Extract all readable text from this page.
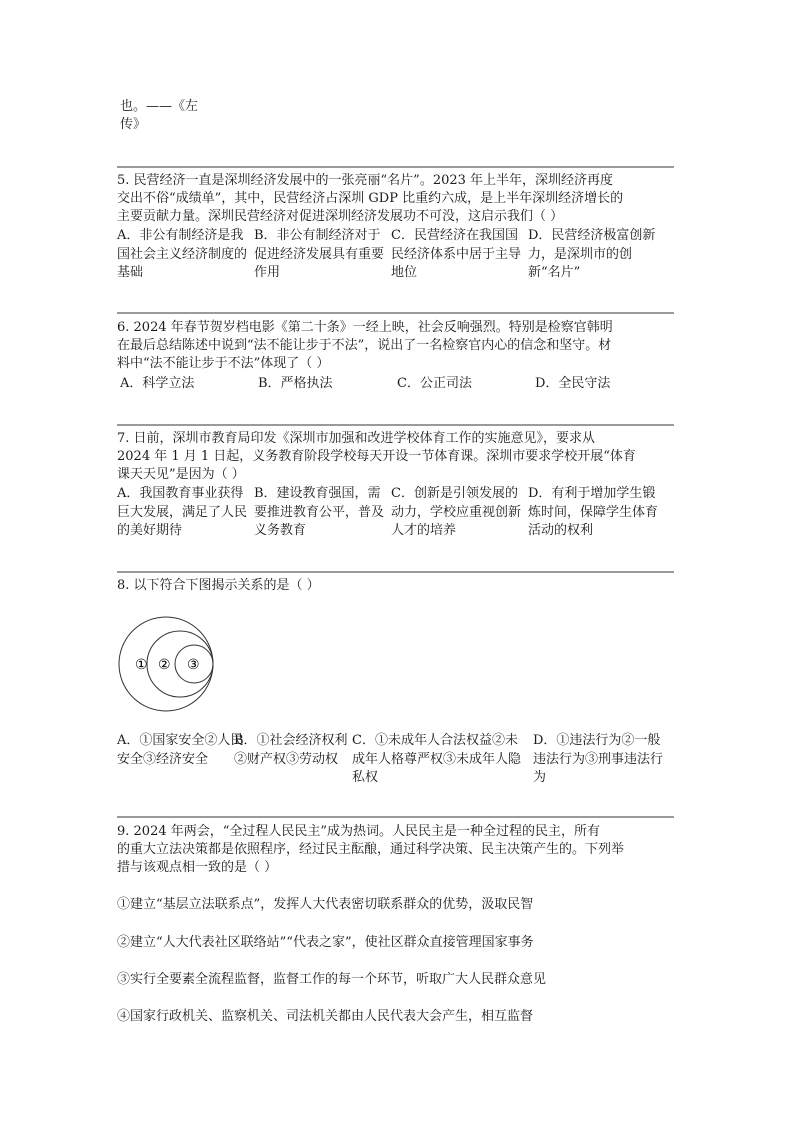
也。——《左
传》
5. 民营经济一直是深圳经济发展中的一张亮丽“名片”。2023 年上半年，深圳经济再度
交出不俗“成绩单”，其中，民营经济占深圳 GDP 比重约六成，是上半年深圳经济增长的
主要贡献力量。深圳民营经济对促进深圳经济发展功不可没，这启示我们（ ）
A．非公有制经济是我国社会主义经济制度的基础
B．非公有制经济对于促进经济发展具有重要作用
C．民营经济在我国国民经济体系中居于主导地位
D．民营经济极富创新力，是深圳市的创新“名片”
6. 2024 年春节贺岁档电影《第二十条》一经上映，社会反响强烈。特别是检察官韩明
在最后总结陈述中说到“法不能让步于不法”，说出了一名检察官内心的信念和坚守。材
料中“法不能让步于不法”体现了（ ）
A．科学立法	B．严格执法	C．公正司法	D．全民守法
7. 日前，深圳市教育局印发《深圳市加强和改进学校体育工作的实施意见》，要求从
2024 年 1 月 1 日起，义务教育阶段学校每天开设一节体育课。深圳市要求学校开展“体育
课天天见”是因为（ ）
A．我国教育事业获得巨大发展，满足了人民的美好期待
B．建设教育强国，需要推进教育公平，普及义务教育
C．创新是引领发展的动力，学校应重视创新人才的培养
D．有利于增加学生锻炼时间，保障学生体育活动的权利
8. 以下符合下图揭示关系的是（ ）
① ② ③
A．①国家安全②人民安全③经济安全
B．①社会经济权利②财产权③劳动权
C．①未成年人合法权益②未成年人格尊严权③未成年人隐私权
D．①违法行为②一般违法行为③刑事违法行为
9. 2024 年两会，“全过程人民民主”成为热词。人民民主是一种全过程的民主，所有
的重大立法决策都是依照程序，经过民主酝酿，通过科学决策、民主决策产生的。下列举
措与该观点相一致的是（ ）
①建立“基层立法联系点”，发挥人大代表密切联系群众的优势，汲取民智
②建立“人大代表社区联络站”“代表之家”，使社区群众直接管理国家事务
③实行全要素全流程监督，监督工作的每一个环节，听取广大人民群众意见
④国家行政机关、监察机关、司法机关都由人民代表大会产生，相互监督
